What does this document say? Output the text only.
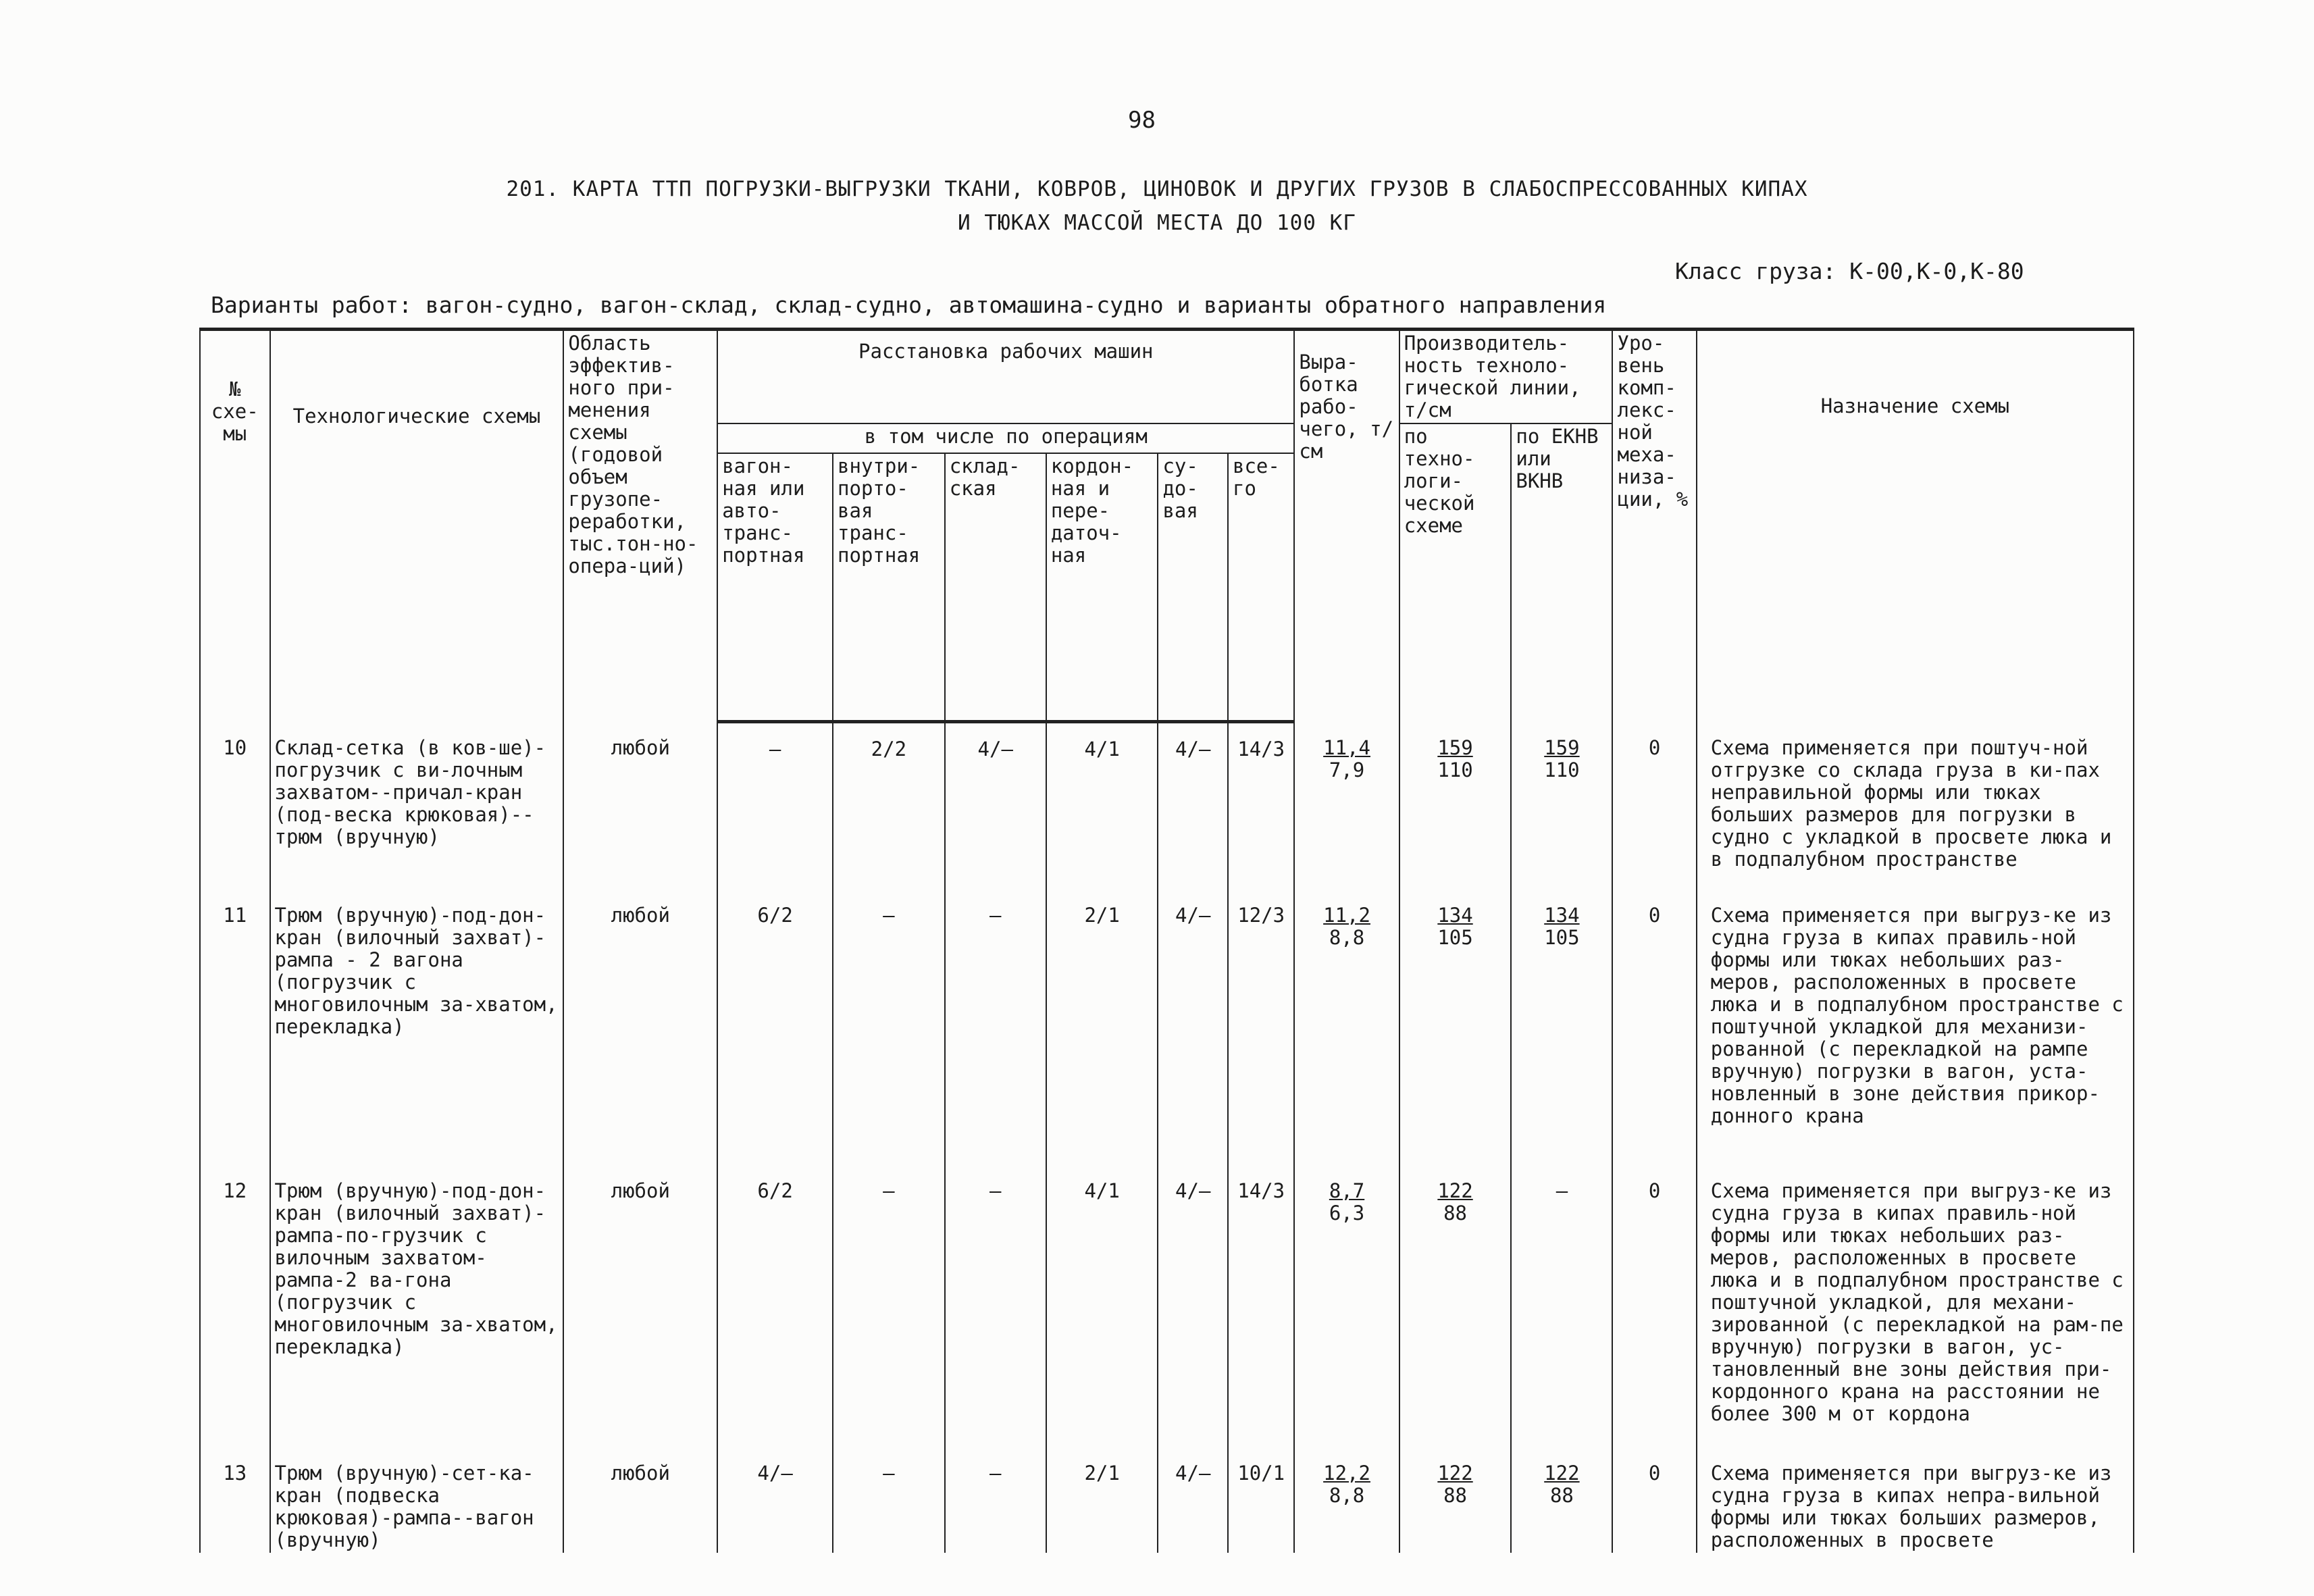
98
201. КАРТА ТТП ПОГРУЗКИ-ВЫГРУЗКИ ТКАНИ, КОВРОВ, ЦИНОВОК И ДРУГИХ ГРУЗОВ В СЛАБОСПРЕССОВАННЫХ КИПАХ
И ТЮКАХ МАССОЙ МЕСТА ДО 100 КГ
Класс груза: К-00,К-0,К-80
Варианты работ: вагон-судно, вагон-склад, склад-судно, автомашина-судно и варианты обратного направления
№ схе-мы	Технологические схемы	Область эффектив-ного при-менения схемы (годовой объем грузопе-реработки, тыс.тон-но-опера-ций)	Расстановка рабочих машин						Выра-ботка рабо-чего, т/см	Производитель-ность техноло-гической линии, т/см		Уро-вень комп-лекс-ной меха-низа-ции, %	Назначение схемы
			в том числе по операциям							по техно-логи-ческой схеме	по ЕКНВ или ВКНВ		
			вагон-ная или авто-транс-портная	внутри-порто-вая транс-портная	склад-ская	кордон-ная и пере-даточ-ная	су-до-вая	все-го					
10	Склад-сетка (в ков-ше)-погрузчик с ви-лочным захватом--причал-кран (под-веска крюковая)--трюм (вручную)	любой	–	2/2	4/–	4/1	4/–	14/3	$\frac{11,4}{7,9}$	$\frac{159}{110}$	$\frac{159}{110}$	0	Схема применяется при поштуч-ной отгрузке со склада груза в ки-пах неправильной формы или тюках больших размеров для погрузки в судно с укладкой в просвете люка и в подпалубном пространстве
11	Трюм (вручную)-под-дон-кран (вилочный захват)-рампа - 2 вагона (погрузчик с многовилочным за-хватом, перекладка)	любой	6/2	–	–	2/1	4/–	12/3	$\frac{11,2}{8,8}$	$\frac{134}{105}$	$\frac{134}{105}$	0	Схема применяется при выгруз-ке из судна груза в кипах правиль-ной формы или тюках небольших раз-меров, расположенных в просвете люка и в подпалубном пространстве с поштучной укладкой для механизи-рованной (с перекладкой на рампе вручную) погрузки в вагон, уста-новленный в зоне действия прикор-донного крана
12	Трюм (вручную)-под-дон-кран (вилочный захват)-рампа-по-грузчик с вилочным захватом-рампа-2 ва-гона (погрузчик с многовилочным за-хватом, перекладка)	любой	6/2	–	–	4/1	4/–	14/3	$\frac{8,7}{6,3}$	$\frac{122}{88}$	–	0	Схема применяется при выгруз-ке из судна груза в кипах правиль-ной формы или тюках небольших раз-меров, расположенных в просвете люка и в подпалубном пространстве с поштучной укладкой, для механи-зированной (с перекладкой на рам-пе вручную) погрузки в вагон, ус-тановленный вне зоны действия при-кордонного крана на расстоянии не более 300 м от кордона
13	Трюм (вручную)-сет-ка-кран (подвеска крюковая)-рампа--вагон (вручную)	любой	4/–	–	–	2/1	4/–	10/1	$\frac{12,2}{8,8}$	$\frac{122}{88}$	$\frac{122}{88}$	0	Схема применяется при выгруз-ке из судна груза в кипах непра-вильной формы или тюках больших размеров, расположенных в просвете
